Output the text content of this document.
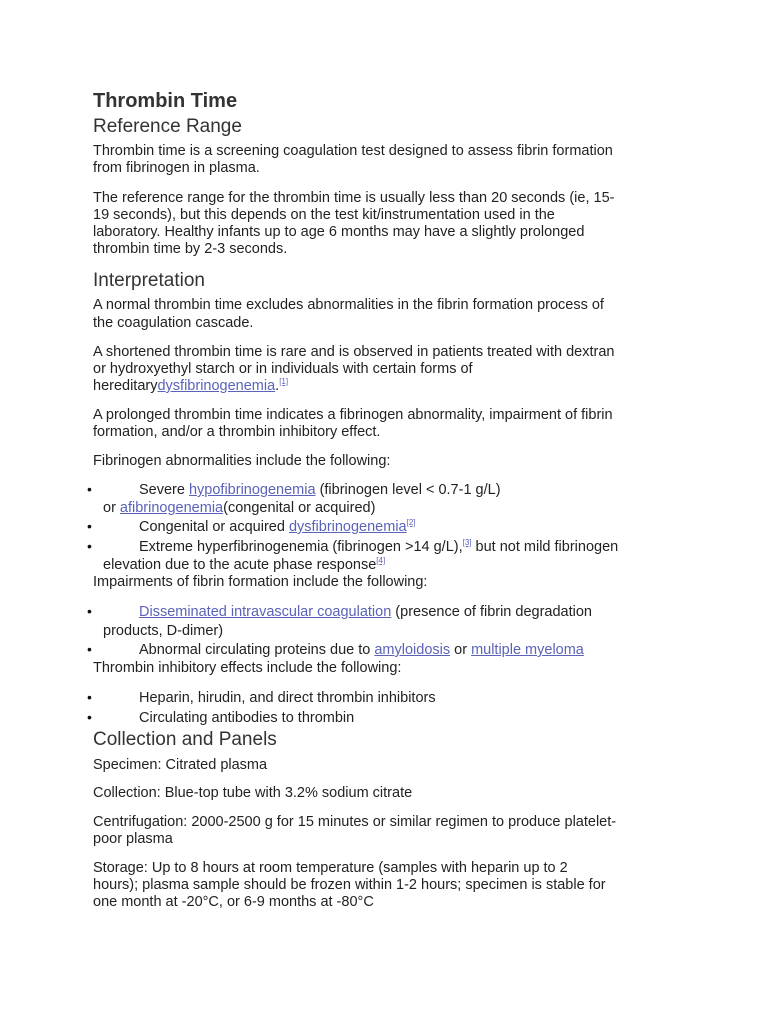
Thrombin Time
Reference Range
Thrombin time is a screening coagulation test designed to assess fibrin formation
from fibrinogen in plasma.
The reference range for the thrombin time is usually less than 20 seconds (ie, 15-
19 seconds), but this depends on the test kit/instrumentation used in the
laboratory. Healthy infants up to age 6 months may have a slightly prolonged
thrombin time by 2-3 seconds.
Interpretation
A normal thrombin time excludes abnormalities in the fibrin formation process of
the coagulation cascade.
A shortened thrombin time is rare and is observed in patients treated with dextran
or hydroxyethyl starch or in individuals with certain forms of
hereditarydysfibrinogenemia.[1]
A prolonged thrombin time indicates a fibrinogen abnormality, impairment of fibrin
formation, and/or a thrombin inhibitory effect.
Fibrinogen abnormalities include the following:
•	Severe hypofibrinogenemia (fibrinogen level < 0.7-1 g/L)
or afibrinogenemia(congenital or acquired)
•	Congenital or acquired dysfibrinogenemia[2]
•	Extreme hyperfibrinogenemia (fibrinogen >14 g/L),[3] but not mild fibrinogen
elevation due to the acute phase response[4]
Impairments of fibrin formation include the following:
•	Disseminated intravascular coagulation (presence of fibrin degradation
products, D-dimer)
•	Abnormal circulating proteins due to amyloidosis or multiple myeloma
Thrombin inhibitory effects include the following:
•	Heparin, hirudin, and direct thrombin inhibitors
•	Circulating antibodies to thrombin
Collection and Panels
Specimen: Citrated plasma
Collection: Blue-top tube with 3.2% sodium citrate
Centrifugation: 2000-2500 g for 15 minutes or similar regimen to produce platelet-
poor plasma
Storage: Up to 8 hours at room temperature (samples with heparin up to 2
hours); plasma sample should be frozen within 1-2 hours; specimen is stable for
one month at -20°C, or 6-9 months at -80°C
